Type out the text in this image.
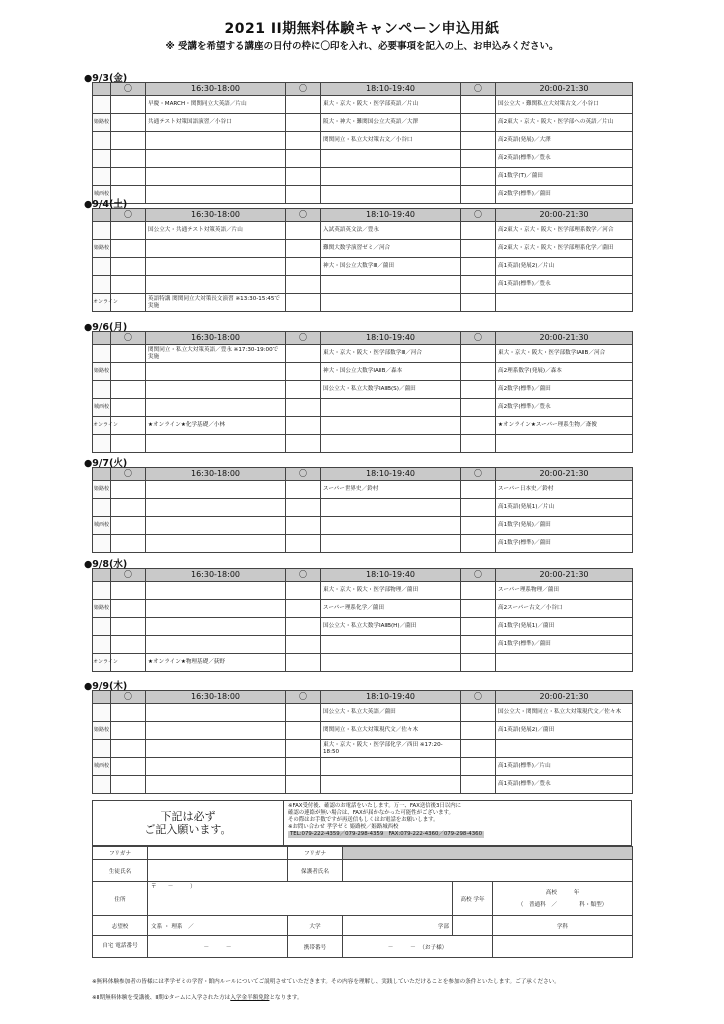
2021 II期無料体験キャンペーン申込用紙
※ 受講を希望する講座の日付の枠に〇印を入れ、必要事項を記入の上、お申込みください。
●9/3(金)
	〇	16:30-18:00	〇	18:10-19:40	〇	20:00-21:30
		早慶・MARCH・関関同立大英語／片山		東大・京大・阪大・医学部英語／片山		国公立大・難関私立大対策古文／小谷口
姫路校		共通テスト対策国語演習／小谷口		阪大・神大・難関国公立大英語／大澤		高2東大・京大・阪大・医学部への英語／片山
				関関同立・私立大対策古文／小谷口		高2英語(発展)／大澤
						高2英語(標準)／豊永
						高1数学(T)／薗田
城西校						高2数学(標準)／薗田
●9/4(土)
	〇	16:30-18:00	〇	18:10-19:40	〇	20:00-21:30
		国公立大・共通テスト対策英語／片山		入試英語英文法／豊永		高2東大・京大・阪大・医学部理系数学／河合
姫路校				難関大数学演習ゼミ／河合		高2東大・京大・阪大・医学部理系化学／薗田
				神大・国公立大数学Ⅲ／薗田		高1英語(発展2)／片山
						高1英語(標準)／豊永
オンライン		英語特講 関関同立大対策長文演習 ※13:30-15:45で実施				
●9/6(月)
	〇	16:30-18:00	〇	18:10-19:40	〇	20:00-21:30
		関関同立・私立大対策英語／豊永 ※17:30-19:00で実施		東大・京大・阪大・医学部数学Ⅲ／河合		東大・京大・阪大・医学部数学ⅠAⅡB／河合
姫路校				神大・国公立大数学ⅠAⅡB／森本		高2理系数学(発展)／森本
				国公立大・私立大数学ⅠAⅡB(S)／薗田		高2数学(標準)／薗田
城西校						高2数学(標準)／豊永
オンライン		★オンライン★化学基礎／小林				★オンライン★スーパー理系生物／斎俊

●9/7(火)
	〇	16:30-18:00	〇	18:10-19:40	〇	20:00-21:30
姫路校				スーパー世界史／鈴村		スーパー日本史／鈴村
						高1英語(発展1)／片山
城西校						高1数学(発展)／薗田
						高1数学(標準)／薗田
●9/8(水)
	〇	16:30-18:00	〇	18:10-19:40	〇	20:00-21:30
				東大・京大・阪大・医学部物理／薗田		スーパー理系物理／薗田
姫路校				スーパー理系化学／薗田		高2スーパー古文／小谷口
				国公立大・私立大数学ⅠAⅡB(H)／薗田		高1数学(発展1)／薗田
						高1数学(標準)／薗田
オンライン		★オンライン★物理基礎／荻野				
●9/9(木)
	〇	16:30-18:00	〇	18:10-19:40	〇	20:00-21:30
				国公立大・私立大英語／薗田		国公立大・関関同立・私立大対策現代文／佐々木
姫路校				関関同立・私立大対策現代文／佐々木		高1英語(発展2)／薗田
				東大・京大・阪大・医学部化学／西田 ※17:20-18:50		
城西校						高1英語(標準)／片山
						高1英語(標準)／豊永
下記は必ず
ご記入願います。
※FAX受付後、確認のお電話をいたします。万一、FAX送信後3日以内に
確認の連絡が無い場合は、FAXが届かなかった可能性がございます。
その際はお手数ですが再送信もしくはお電話をお願いします。
※お問い合わせ 孝学ゼミ 姫路校／姫路城西校
TEL:079-222-4359／079-298-4359 FAX:079-222-4360／079-298-4360
フリガナ		フリガナ			
生徒氏名		保護者氏名			
住所	〒　　－　　　）			高校 学年	高校　　　年
（　普通科　／　　　　科・類型）
志望校	文系 ・ 理系　／	大学	学部		学科
自宅 電話番号	－　　　－	携帯番号	－　　　－ （お子様）		
※無料体験参加者の皆様には孝学ゼミの学習・館内ルールについてご説明させていただきます。その内容を理解し、実践していただけることを参加の条件といたします。ご了承ください。
※Ⅱ期無料体験を受講後、Ⅱ期①タームに入学された方は入学金半額免除となります。
